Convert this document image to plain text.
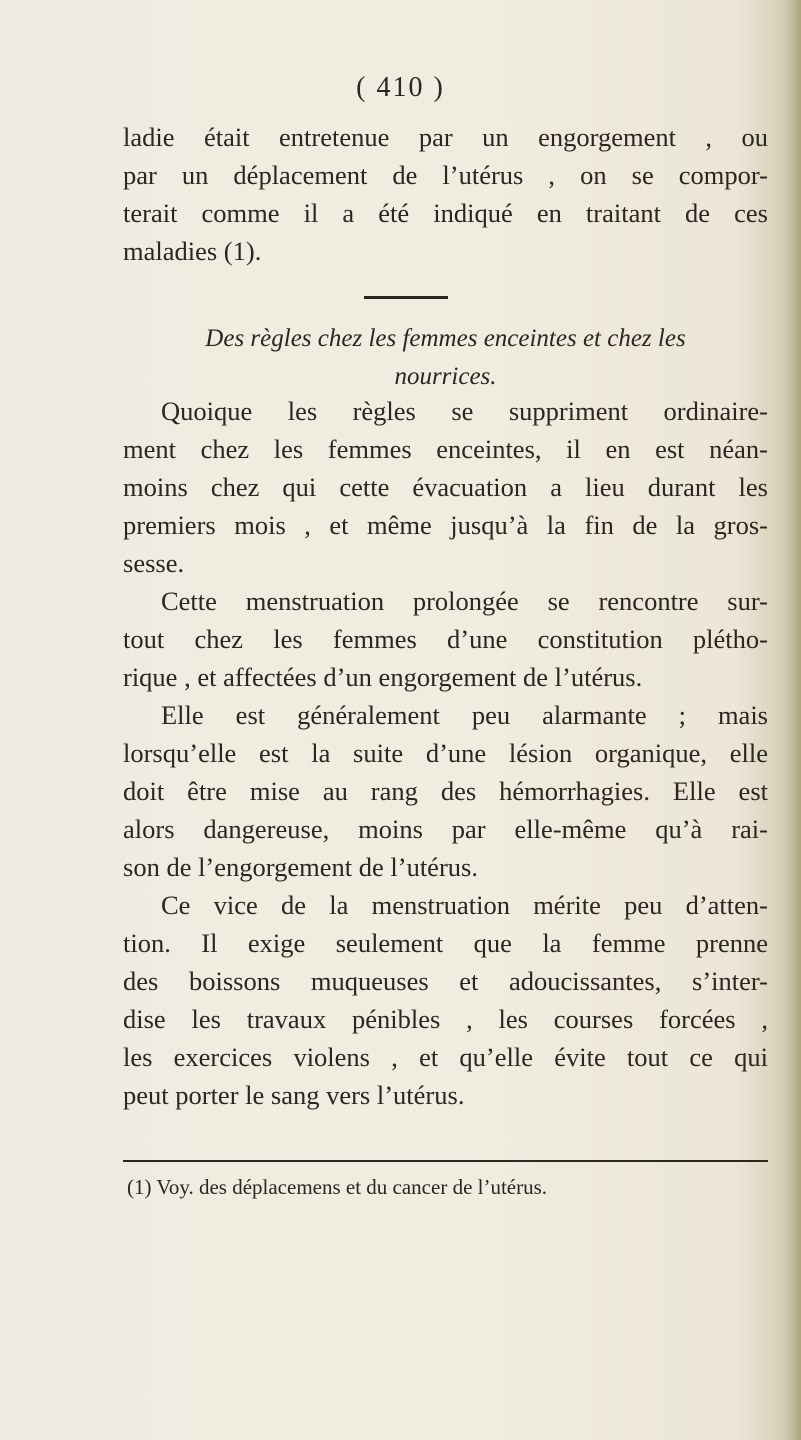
( 410 )
ladie était entretenue par un engorgement , ou
par un déplacement de l’utérus , on se compor-
terait comme il a été indiqué en traitant de ces
maladies (1).
Des règles chez les femmes enceintes et chez les
nourrices.
Quoique les règles se suppriment ordinaire-
ment chez les femmes enceintes, il en est néan-
moins chez qui cette évacuation a lieu durant les
premiers mois , et même jusqu’à la fin de la gros-
sesse.
Cette menstruation prolongée se rencontre sur-
tout chez les femmes d’une constitution plétho-
rique , et affectées d’un engorgement de l’utérus.
Elle est généralement peu alarmante ; mais
lorsqu’elle est la suite d’une lésion organique, elle
doit être mise au rang des hémorrhagies. Elle est
alors dangereuse, moins par elle-même qu’à rai-
son de l’engorgement de l’utérus.
Ce vice de la menstruation mérite peu d’atten-
tion. Il exige seulement que la femme prenne
des boissons muqueuses et adoucissantes, s’inter-
dise les travaux pénibles , les courses forcées ,
les exercices violens , et qu’elle évite tout ce qui
peut porter le sang vers l’utérus.
(1) Voy. des déplacemens et du cancer de l’utérus.
